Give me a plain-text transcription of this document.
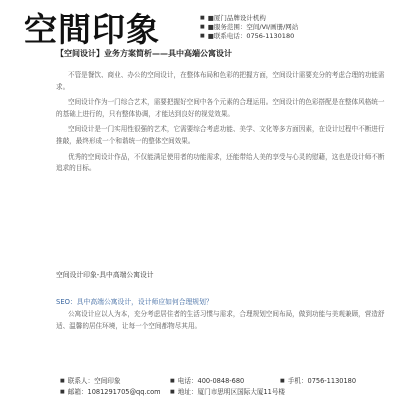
空間印象	■ ■厦门品牌设计机构
■ ■服务范围：空间/VI/画册/网站
■ ■联系电话：0756-1130180
【空间设计】业务方案简析——具中高端公寓设计

不管是餐饮、商业、办公的空间设计，在整体布局和色彩的把握方面，空间设计需要充分的考虑合理的功能需求。

空间设计作为一门综合艺术，需要把握好空间中各个元素的合理运用。空间设计的色彩搭配是在整体风格统一的基础上进行的，只有整体协调，才能达到良好的视觉效果。

空间设计是一门实用性很强的艺术，它需要综合考虑功能、美学、文化等多方面因素，在设计过程中不断进行推敲，最终形成一个和谐统一的整体空间效果。

优秀的空间设计作品，不仅能满足使用者的功能需求，还能带给人美的享受与心灵的慰藉，这也是设计师不断追求的目标。

空间设计印象-具中高端公寓设计
SEO：具中高端公寓设计，设计师应如何合理规划？

公寓设计应以人为本，充分考虑居住者的生活习惯与需求，合理规划空间布局，做到功能与美观兼顾，营造舒适、温馨的居住环境，让每一个空间都物尽其用。

■ 联系人：空间印象	■ 电话：400-0848-680	■ 手机：0756-1130180
■ 邮箱：1081291705@qq.com	■ 地址：厦门市思明区国际大厦11号楼
